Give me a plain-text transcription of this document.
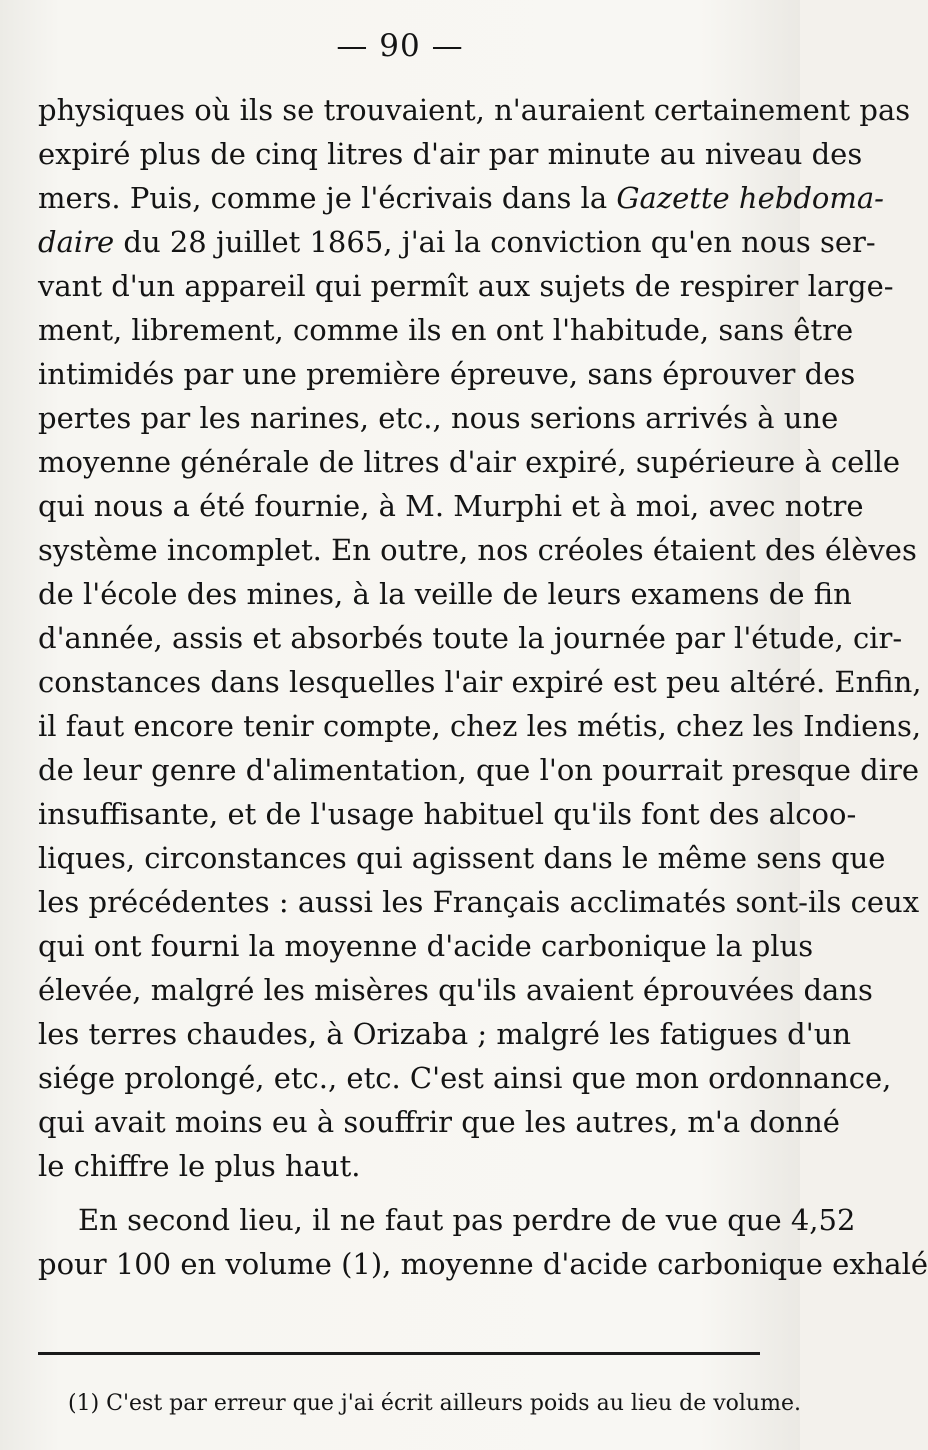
— 90 —
physiques où ils se trouvaient, n'auraient certainement pas
expiré plus de cinq litres d'air par minute au niveau des
mers. Puis, comme je l'écrivais dans la Gazette hebdoma-
daire du 28 juillet 1865, j'ai la conviction qu'en nous ser-
vant d'un appareil qui permît aux sujets de respirer large-
ment, librement, comme ils en ont l'habitude, sans être
intimidés par une première épreuve, sans éprouver des
pertes par les narines, etc., nous serions arrivés à une
moyenne générale de litres d'air expiré, supérieure à celle
qui nous a été fournie, à M. Murphi et à moi, avec notre
système incomplet. En outre, nos créoles étaient des élèves
de l'école des mines, à la veille de leurs examens de fin
d'année, assis et absorbés toute la journée par l'étude, cir-
constances dans lesquelles l'air expiré est peu altéré. Enfin,
il faut encore tenir compte, chez les métis, chez les Indiens,
de leur genre d'alimentation, que l'on pourrait presque dire
insuffisante, et de l'usage habituel qu'ils font des alcoo-
liques, circonstances qui agissent dans le même sens que
les précédentes : aussi les Français acclimatés sont-ils ceux
qui ont fourni la moyenne d'acide carbonique la plus
élevée, malgré les misères qu'ils avaient éprouvées dans
les terres chaudes, à Orizaba ; malgré les fatigues d'un
siége prolongé, etc., etc. C'est ainsi que mon ordonnance,
qui avait moins eu à souffrir que les autres, m'a donné
le chiffre le plus haut.
En second lieu, il ne faut pas perdre de vue que 4,52
pour 100 en volume (1), moyenne d'acide carbonique exhalé
(1) C'est par erreur que j'ai écrit ailleurs poids au lieu de volume.
